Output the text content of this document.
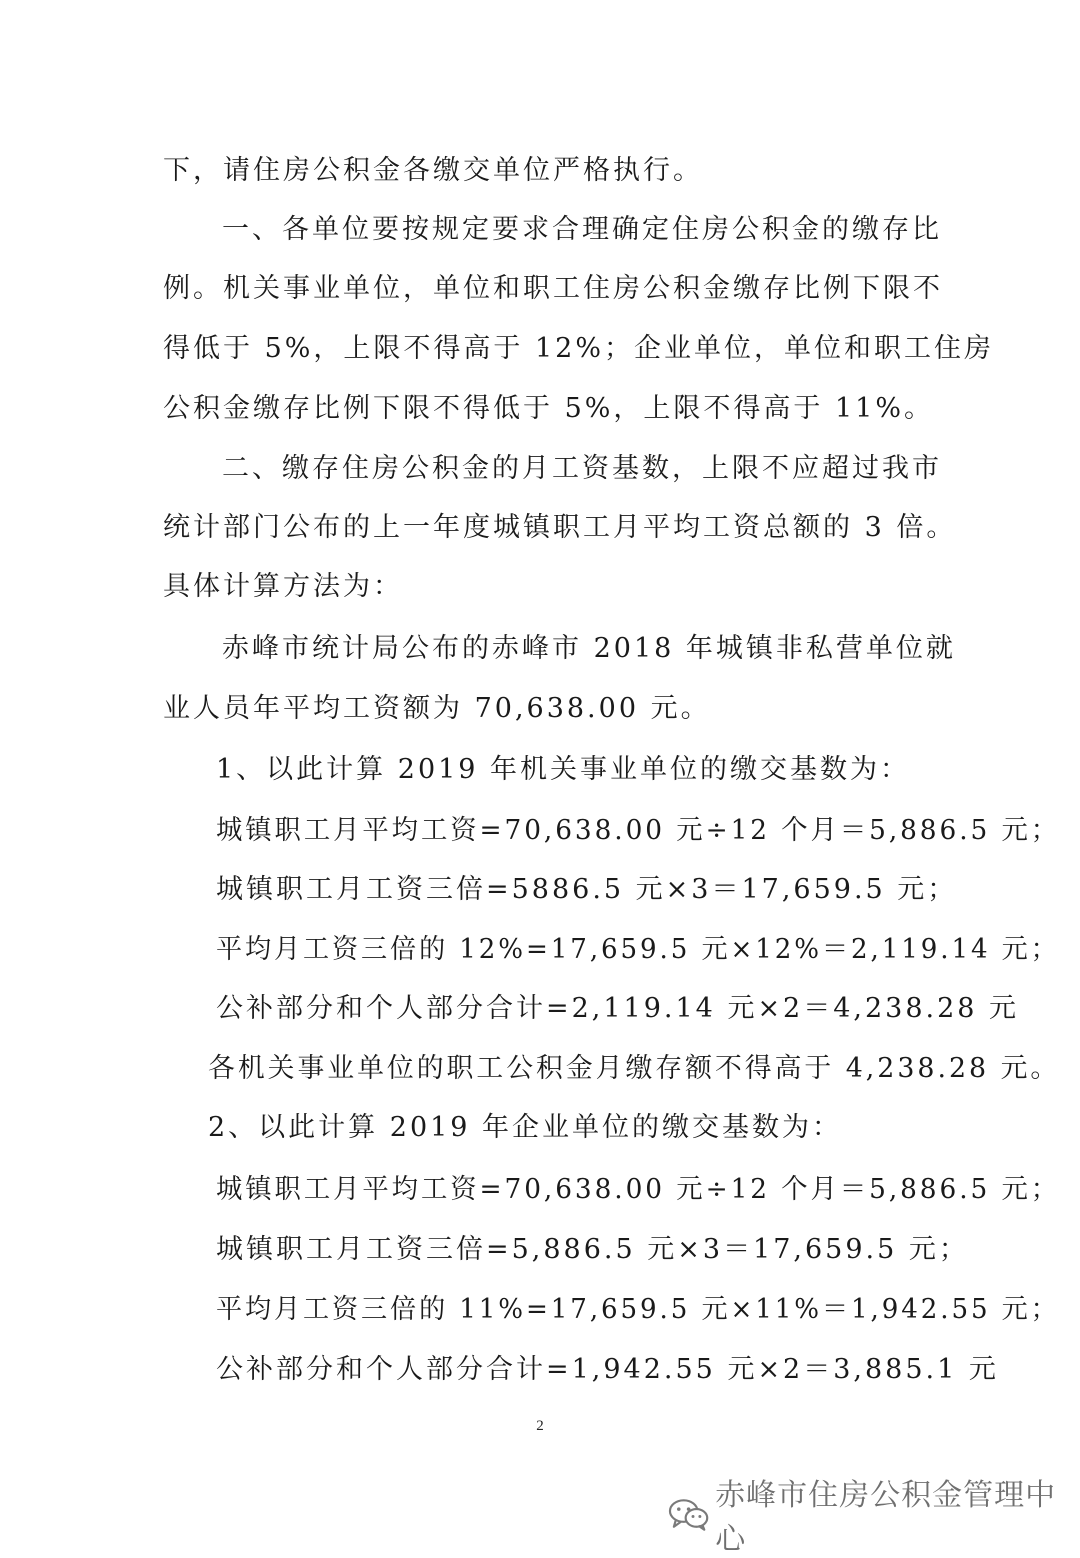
下，请住房公积金各缴交单位严格执行。
一、各单位要按规定要求合理确定住房公积金的缴存比
例。机关事业单位，单位和职工住房公积金缴存比例下限不
得低于 5%，上限不得高于 12%；企业单位，单位和职工住房
公积金缴存比例下限不得低于 5%，上限不得高于 11%。
二、缴存住房公积金的月工资基数，上限不应超过我市
统计部门公布的上一年度城镇职工月平均工资总额的 3 倍。
具体计算方法为：
赤峰市统计局公布的赤峰市 2018 年城镇非私营单位就
业人员年平均工资额为 70,638.00 元。
1、以此计算 2019 年机关事业单位的缴交基数为：
城镇职工月平均工资=70,638.00 元÷12 个月＝5,886.5 元；
城镇职工月工资三倍=5886.5 元×3＝17,659.5 元；
平均月工资三倍的 12%=17,659.5 元×12%＝2,119.14 元；
公补部分和个人部分合计=2,119.14 元×2＝4,238.28 元
各机关事业单位的职工公积金月缴存额不得高于 4,238.28 元。
2、以此计算 2019 年企业单位的缴交基数为：
城镇职工月平均工资=70,638.00 元÷12 个月＝5,886.5 元；
城镇职工月工资三倍=5,886.5 元×3＝17,659.5 元；
平均月工资三倍的 11%=17,659.5 元×11%＝1,942.55 元；
公补部分和个人部分合计=1,942.55 元×2＝3,885.1 元
2
赤峰市住房公积金管理中心
